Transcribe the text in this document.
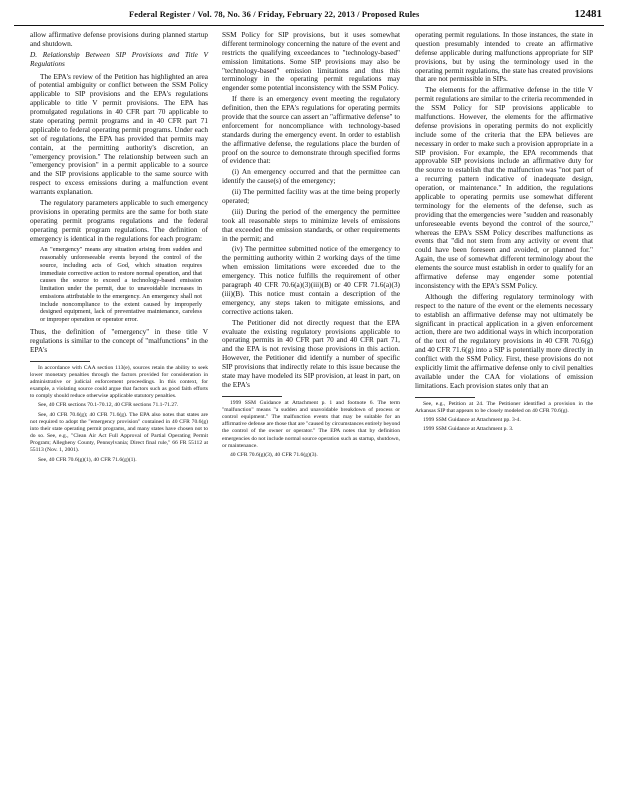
Federal Register / Vol. 78, No. 36 / Friday, February 22, 2013 / Proposed Rules	12481

allow affirmative defense provisions during planned startup and shutdown.

D. Relationship Between SIP Provisions and Title V Regulations

The EPA's review of the Petition has highlighted an area of potential ambiguity or conflict between the SSM Policy applicable to SIP provisions and the EPA's regulations applicable to title V permit provisions. The EPA has promulgated regulations in 40 CFR part 70 applicable to state operating permit programs and in 40 CFR part 71 applicable to federal operating permit programs. Under each set of regulations, the EPA has provided that permits may contain, at the permitting authority's discretion, an "emergency provision." The relationship between such an "emergency provision" in a permit applicable to a source and the SIP provisions applicable to the same source with respect to excess emissions during a malfunction event warrants explanation.

The regulatory parameters applicable to such emergency provisions in operating permits are the same for both state operating permit programs regulations and the federal operating permit program regulations. The definition of emergency is identical in the regulations for each program:

An "emergency" means any situation arising from sudden and reasonably unforeseeable events beyond the control of the source, including acts of God, which situation requires immediate corrective action to restore normal operation, and that causes the source to exceed a technology-based emission limitation under the permit, due to unavoidable increases in emissions attributable to the emergency. An emergency shall not include noncompliance to the extent caused by improperly designed equipment, lack of preventative maintenance, careless or improper operation or operator error.

Thus, the definition of "emergency" in these title V regulations is similar to the concept of "malfunctions" in the EPA's

In accordance with CAA section 113(e), sources retain the ability to seek lower monetary penalties through the factors provided for consideration in administrative or judicial enforcement proceedings. In this context, for example, a violating source could argue that factors such as good faith efforts to comply should reduce otherwise applicable statutory penalties.

See, 40 CFR sections 70.1-70.12, 40 CFR sections 71.1-71.27.

See, 40 CFR 70.6(g); 40 CFR 71.6(g). The EPA also notes that states are not required to adopt the "emergency provision" contained in 40 CFR 70.6(g) into their state operating permit programs, and many states have chosen not to do so. See, e.g., "Clean Air Act Full Approval of Partial Operating Permit Program; Allegheny County, Pennsylvania; Direct final rule," 66 FR 55112 at 55113 (Nov. 1, 2001).

See, 40 CFR 70.6(g)(1), 40 CFR 71.6(g)(1).

SSM Policy for SIP provisions, but it uses somewhat different terminology concerning the nature of the event and restricts the qualifying exceedances to "technology-based" emission limitations. Some SIP provisions may also be "technology-based" emission limitations and thus this terminology in the operating permit regulations may engender some potential inconsistency with the SSM Policy.

If there is an emergency event meeting the regulatory definition, then the EPA's regulations for operating permits provide that the source can assert an "affirmative defense" to enforcement for noncompliance with technology-based standards during the emergency event. In order to establish the affirmative defense, the regulations place the burden of proof on the source to demonstrate through specified forms of evidence that:

(i) An emergency occurred and that the permittee can identify the cause(s) of the emergency;

(ii) The permitted facility was at the time being properly operated;

(iii) During the period of the emergency the permittee took all reasonable steps to minimize levels of emissions that exceeded the emission standards, or other requirements in the permit; and

(iv) The permittee submitted notice of the emergency to the permitting authority within 2 working days of the time when emission limitations were exceeded due to the emergency. This notice fulfills the requirement of other paragraph 40 CFR 70.6(a)(3)(iii)(B) or 40 CFR 71.6(a)(3)(iii)(B). This notice must contain a description of the emergency, any steps taken to mitigate emissions, and corrective actions taken.

The Petitioner did not directly request that the EPA evaluate the existing regulatory provisions applicable to operating permits in 40 CFR part 70 and 40 CFR part 71, and the EPA is not revising those provisions in this action. However, the Petitioner did identify a number of specific SIP provisions that indirectly relate to this issue because the state may have modeled its SIP provision, at least in part, on the EPA's

1999 SSM Guidance at Attachment p. 1 and footnote 6. The term "malfunction" means "a sudden and unavoidable breakdown of process or control equipment." The malfunction events that may be suitable for an affirmative defense are those that are "caused by circumstances entirely beyond the control of the owner or operator." The EPA notes that by definition emergencies do not include normal source operation such as startup, shutdown, or maintenance.

40 CFR 70.6(g)(3), 40 CFR 71.6(g)(3).

operating permit regulations. In those instances, the state in question presumably intended to create an affirmative defense applicable during malfunctions appropriate for SIP provisions, but by using the terminology used in the operating permit regulations, the state has created provisions that are not permissible in SIPs.

The elements for the affirmative defense in the title V permit regulations are similar to the criteria recommended in the SSM Policy for SIP provisions applicable to malfunctions. However, the elements for the affirmative defense provisions in operating permits do not explicitly include some of the criteria that the EPA believes are necessary in order to make such a provision appropriate in a SIP provision. For example, the EPA recommends that approvable SIP provisions include an affirmative duty for the source to establish that the malfunction was "not part of a recurring pattern indicative of inadequate design, operation, or maintenance." In addition, the regulations applicable to operating permits use somewhat different terminology for the elements of the defense, such as providing that the emergencies were "sudden and reasonably unforeseeable events beyond the control of the source," whereas the EPA's SSM Policy describes malfunctions as events that "did not stem from any activity or event that could have been foreseen and avoided, or planned for." Again, the use of somewhat different terminology about the elements the source must establish in order to qualify for an affirmative defense may engender some potential inconsistency with the EPA's SSM Policy.

Although the differing regulatory terminology with respect to the nature of the event or the elements necessary to establish an affirmative defense may not ultimately be significant in practical application in a given enforcement action, there are two additional ways in which incorporation of the text of the regulatory provisions in 40 CFR 70.6(g) and 40 CFR 71.6(g) into a SIP is potentially more directly in conflict with the SSM Policy. First, these provisions do not explicitly limit the affirmative defense only to civil penalties available under the CAA for violations of emission limitations. Each provision states only that an

See, e.g., Petition at 24. The Petitioner identified a provision in the Arkansas SIP that appears to be closely modeled on 40 CFR 70.6(g).

1999 SSM Guidance at Attachment pp. 3-4.

1999 SSM Guidance at Attachment p. 3.
